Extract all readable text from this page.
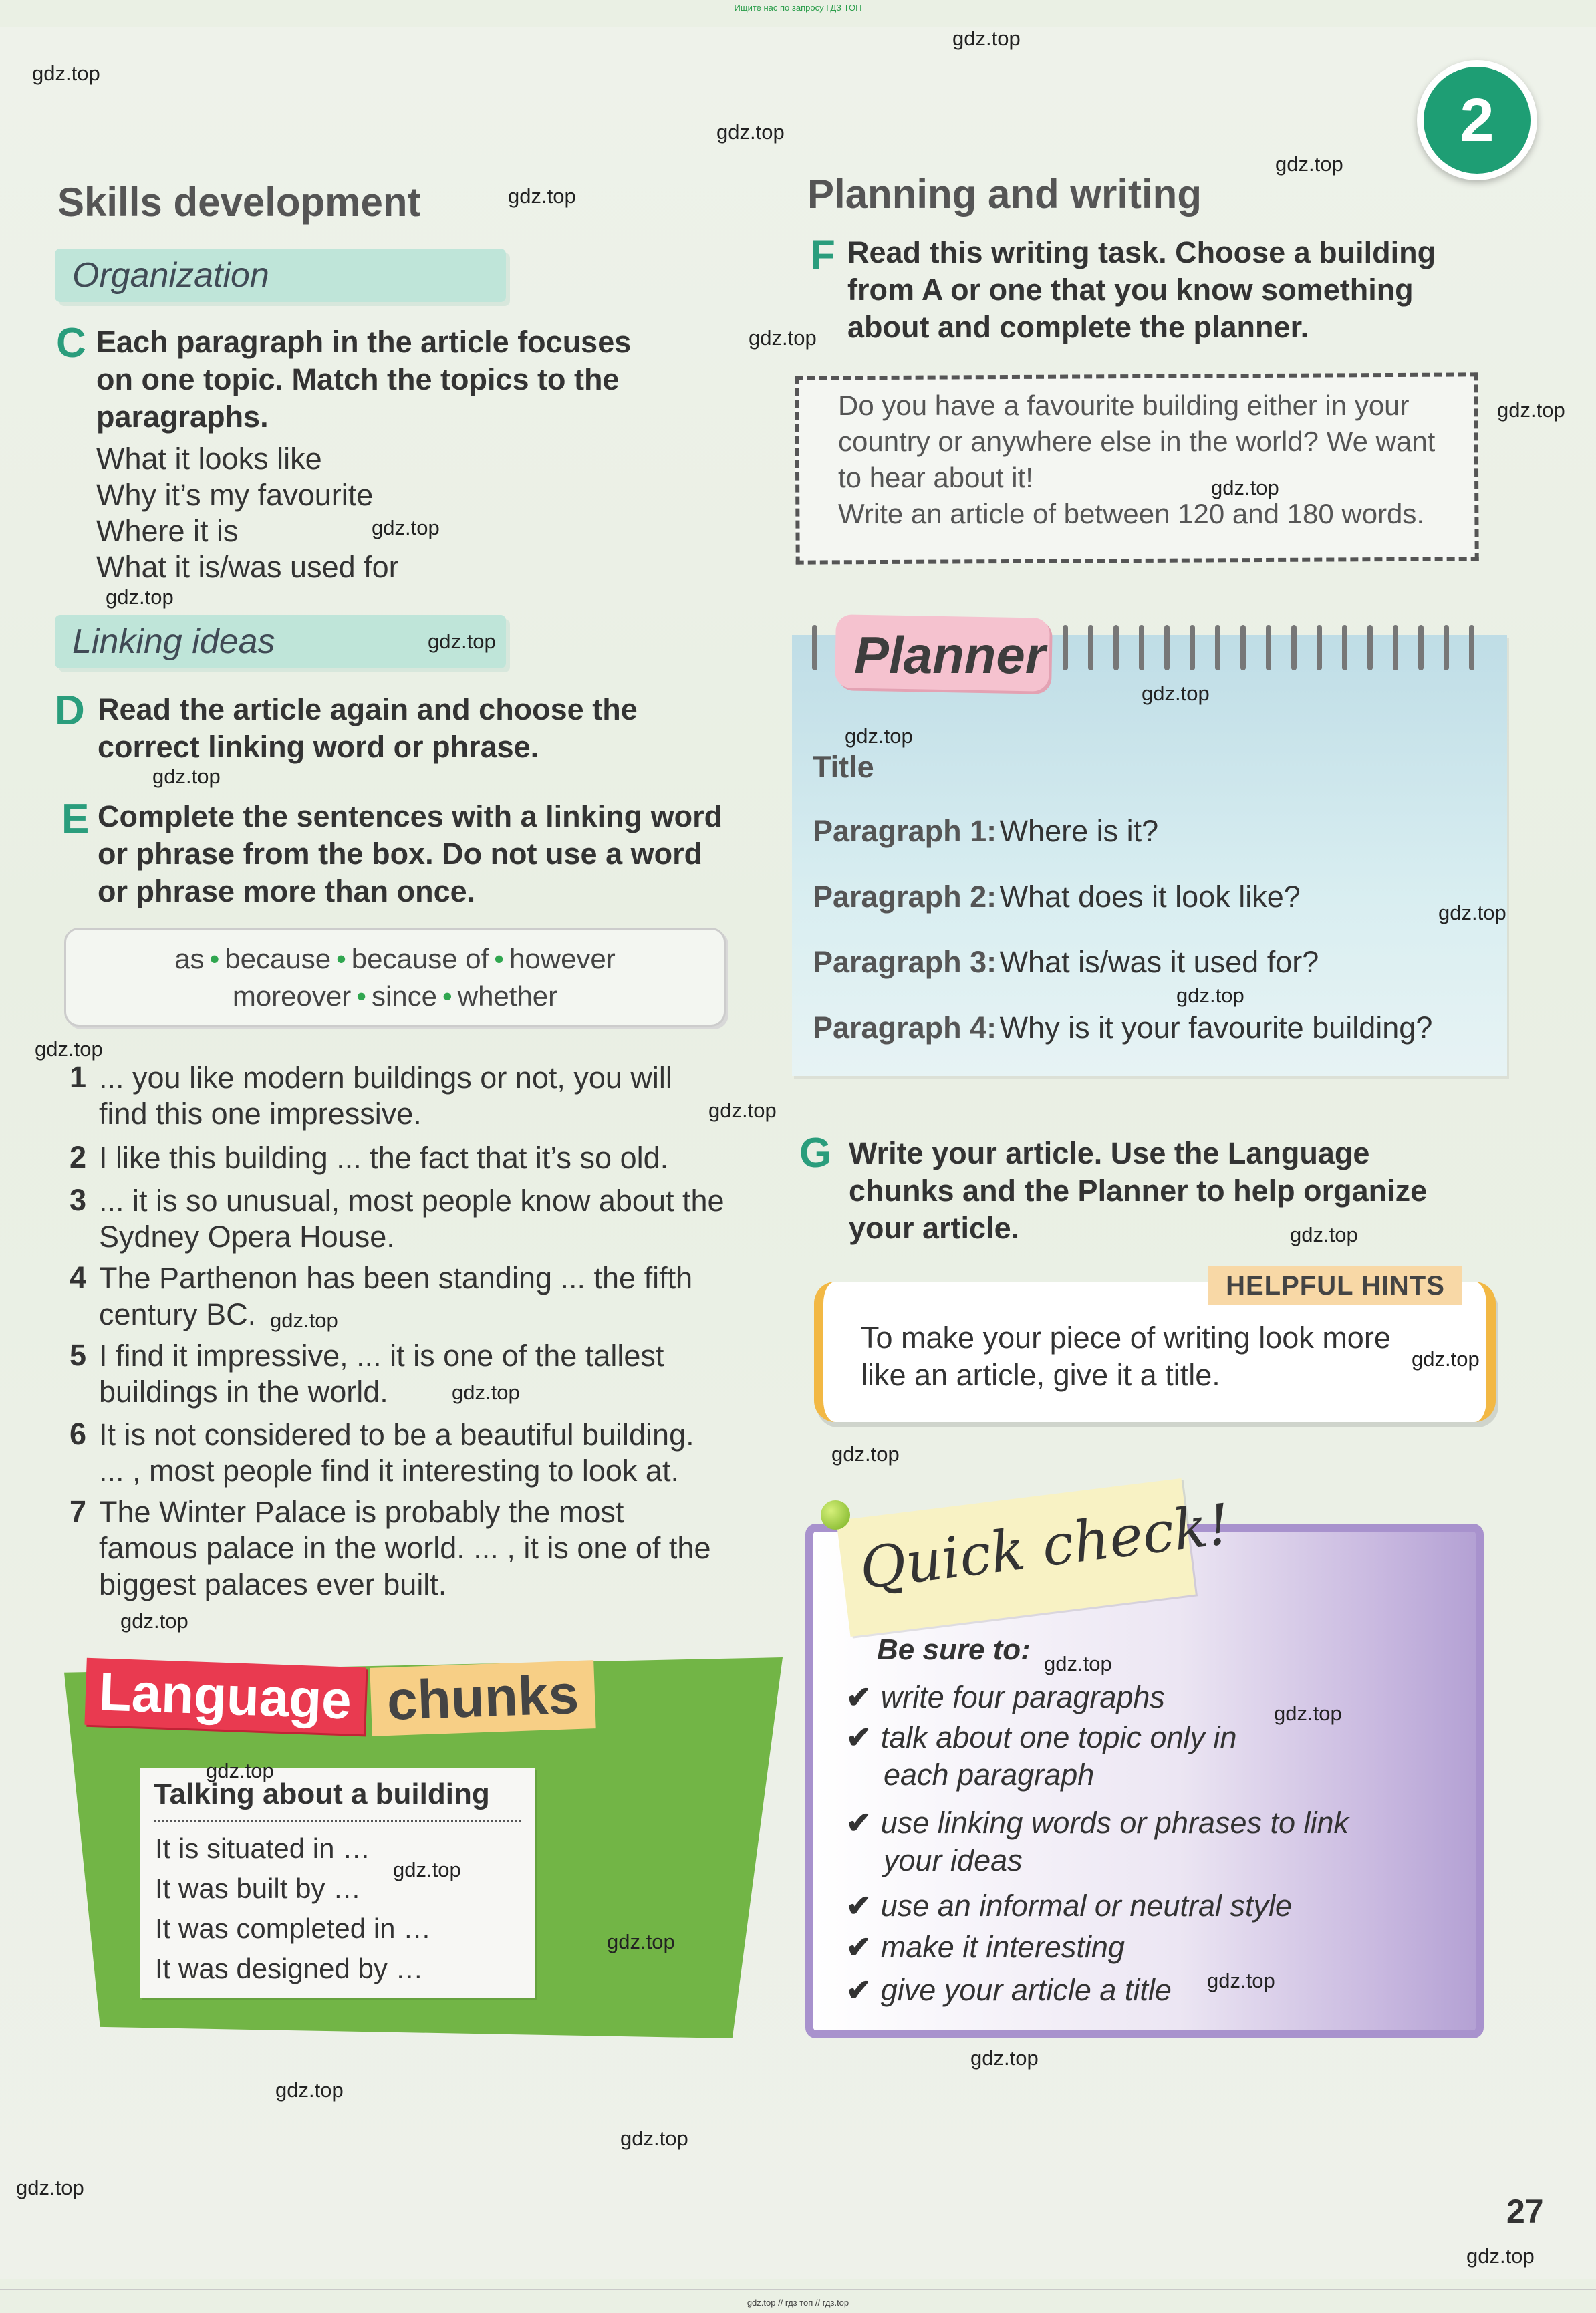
Ищите нас по запросу ГДЗ ТОП
2
Skills development
Organization
C Each paragraph in the article focuses
on one topic. Match the topics to the
paragraphs.
What it looks like
Why it’s my favourite
Where it is
What it is/was used for
Linking ideas
D Read the article again and choose the
correct linking word or phrase.
E Complete the sentences with a linking word
or phrase from the box. Do not use a word
or phrase more than once.
as • because • because of • however
moreover • since • whether
1 ... you like modern buildings or not, you will
find this one impressive.
2 I like this building ... the fact that it’s so old.
3 ... it is so unusual, most people know about the
Sydney Opera House.
4 The Parthenon has been standing ... the fifth
century BC.
5 I find it impressive, ... it is one of the tallest
buildings in the world.
6 It is not considered to be a beautiful building.
... , most people find it interesting to look at.
7 The Winter Palace is probably the most
famous palace in the world. ... , it is one of the
biggest palaces ever built.
Language chunks
Talking about a building
It is situated in …
It was built by …
It was completed in …
It was designed by …
Planning and writing
F Read this writing task. Choose a building
from A or one that you know something
about and complete the planner.
Do you have a favourite building either in your
country or anywhere else in the world? We want
to hear about it!
Write an article of between 120 and 180 words.
Planner
Title
Paragraph 1: Where is it?
Paragraph 2: What does it look like?
Paragraph 3: What is/was it used for?
Paragraph 4: Why is it your favourite building?
G Write your article. Use the Language
chunks and the Planner to help organize
your article.
HELPFUL HINTS
To make your piece of writing look more
like an article, give it a title.
Quick check!
Be sure to:
✔ write four paragraphs
✔ talk about one topic only in
each paragraph
✔ use linking words or phrases to link
your ideas
✔ use an informal or neutral style
✔ make it interesting
✔ give your article a title
27
gdz.top
gdz.top
gdz.top
gdz.top
gdz.top
gdz.top
gdz.top
gdz.top
gdz.top
gdz.top
gdz.top
gdz.top
gdz.top
gdz.top
gdz.top
gdz.top
gdz.top
gdz.top
gdz.top
gdz.top
gdz.top
gdz.top
gdz.top
gdz.top
gdz.top
gdz.top
gdz.top
gdz.top
gdz.top
gdz.top
gdz.top
gdz.top
gdz.top
gdz.top
gdz.top
gdz.top // гдз топ // гдз.top
